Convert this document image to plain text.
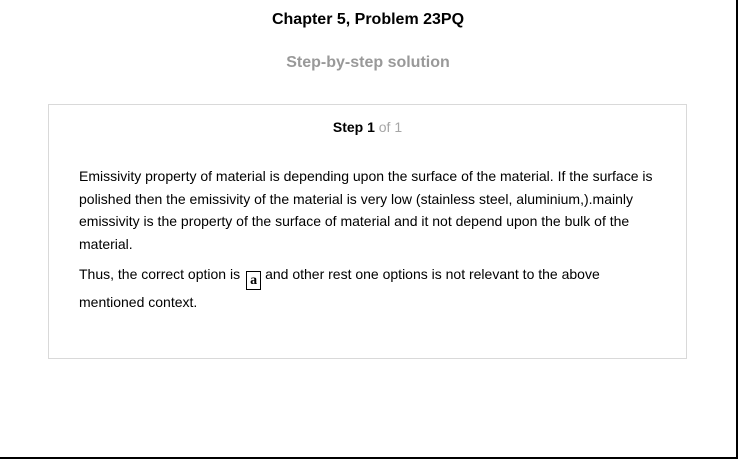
Chapter 5, Problem 23PQ
Step-by-step solution
Step 1 of 1

Emissivity property of material is depending upon the surface of the material. If the surface is polished then the emissivity of the material is very low (stainless steel, aluminium,).mainly emissivity is the property of the surface of material and it not depend upon the bulk of the material.

Thus, the correct option is a and other rest one options is not relevant to the above mentioned context.
